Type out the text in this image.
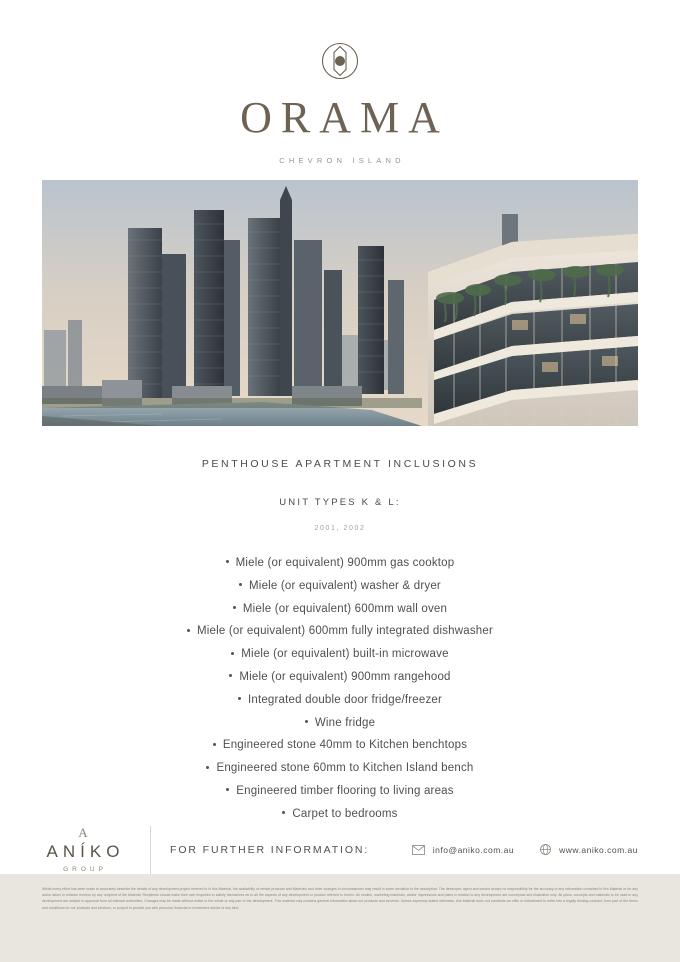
ORAMA
CHEVRON ISLAND
PENTHOUSE APARTMENT INCLUSIONS
UNIT TYPES K & L:
2001, 2002
Miele (or equivalent) 900mm gas cooktop
Miele (or equivalent) washer & dryer
Miele (or equivalent) 600mm wall oven
Miele (or equivalent) 600mm fully integrated dishwasher
Miele (or equivalent) built-in microwave
Miele (or equivalent) 900mm rangehood
Integrated double door fridge/freezer
Wine fridge
Engineered stone 40mm to Kitchen benchtops
Engineered stone 60mm to Kitchen Island bench
Engineered timber flooring to living areas
Carpet to bedrooms
A
ANÍKO
GROUP
FOR FURTHER INFORMATION:	info@aniko.com.au	www.aniko.com.au
Whilst every effort has been made to accurately describe the details of any development project referred to in this Material, the availability of certain products and Materials and other changes in circumstances may result in some deviation to the description. The developer, agent and vendor accept no responsibility for the accuracy of any information contained in this Material or for any action taken in reliance thereon by any recipient of the Material. Recipients should make their own enquiries to satisfy themselves as to all the aspects of any development or product referred to herein. All models, marketing materials, artists' impressions and plans in relation to any development are conceptual and illustrative only. All plans, concepts and materials to be used in any development are subject to approval from all relevant authorities. Changes may be made without notice to the whole or any part of the development. This material only contains general information about our products and services. Unless expressly stated otherwise, this Material does not constitute an offer or inducement to enter into a legally binding contract, form part of the terms and conditions for our products and services, or purport to provide you with personal, financial or investment advice of any kind.
